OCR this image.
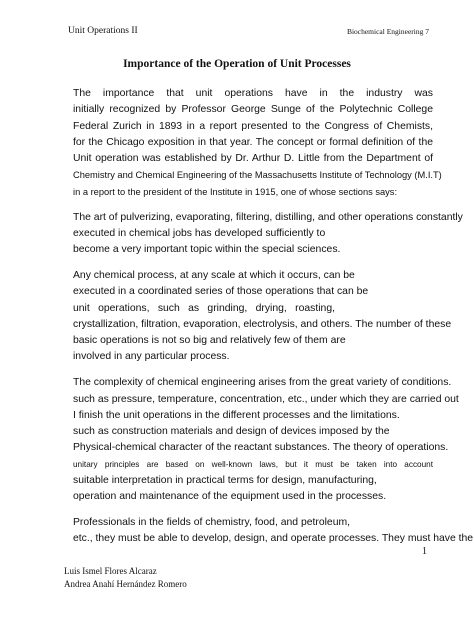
Unit Operations II	Biochemical Engineering 7
Importance of the Operation of Unit Processes
The importance that unit operations have in the industry was
initially recognized by Professor George Sunge of the Polytechnic College
Federal Zurich in 1893 in a report presented to the Congress of Chemists,
for the Chicago exposition in that year. The concept or formal definition of the
Unit operation was established by Dr. Arthur D. Little from the Department of
Chemistry and Chemical Engineering of the Massachusetts Institute of Technology (M.I.T)
in a report to the president of the Institute in 1915, one of whose sections says:
The art of pulverizing, evaporating, filtering, distilling, and other operations constantly
executed in chemical jobs has developed sufficiently to
become a very important topic within the special sciences.
Any chemical process, at any scale at which it occurs, can be
executed in a coordinated series of those operations that can be
unit operations, such as grinding, drying, roasting,
crystallization, filtration, evaporation, electrolysis, and others. The number of these
basic operations is not so big and relatively few of them are
involved in any particular process.
The complexity of chemical engineering arises from the great variety of conditions.
such as pressure, temperature, concentration, etc., under which they are carried out
I finish the unit operations in the different processes and the limitations.
such as construction materials and design of devices imposed by the
Physical-chemical character of the reactant substances. The theory of operations.
unitary principles are based on well-known laws, but it must be taken into account
suitable interpretation in practical terms for design, manufacturing,
operation and maintenance of the equipment used in the processes.
Professionals in the fields of chemistry, food, and petroleum,
etc., they must be able to develop, design, and operate processes. They must have the
1
Luis Ismel Flores Alcaraz
Andrea Anahí Hernández Romero
